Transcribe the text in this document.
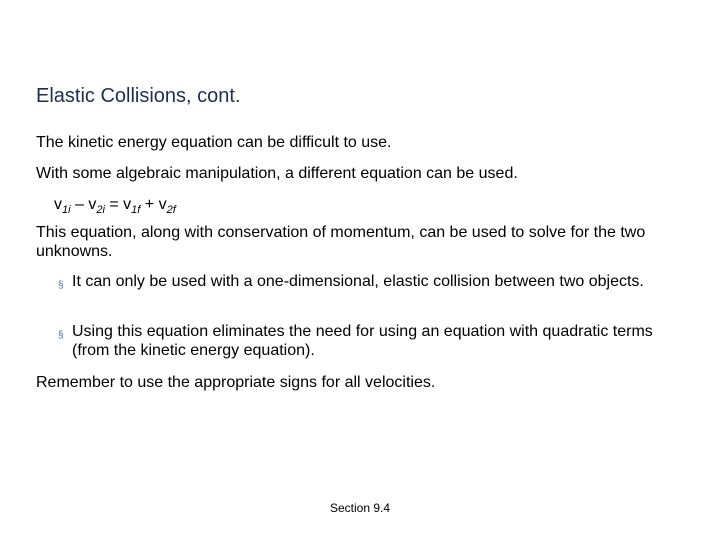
Elastic Collisions, cont.
The kinetic energy equation can be difficult to use.
With some algebraic manipulation, a different equation can be used.
$v_{1i} - v_{2i} = v_{1f} + v_{2f}$
This equation, along with conservation of momentum, can be used to solve for the two unknowns.
§ It can only be used with a one-dimensional, elastic collision between two objects.
§ Using this equation eliminates the need for using an equation with quadratic terms (from the kinetic energy equation).
Remember to use the appropriate signs for all velocities.
Section 9.4
